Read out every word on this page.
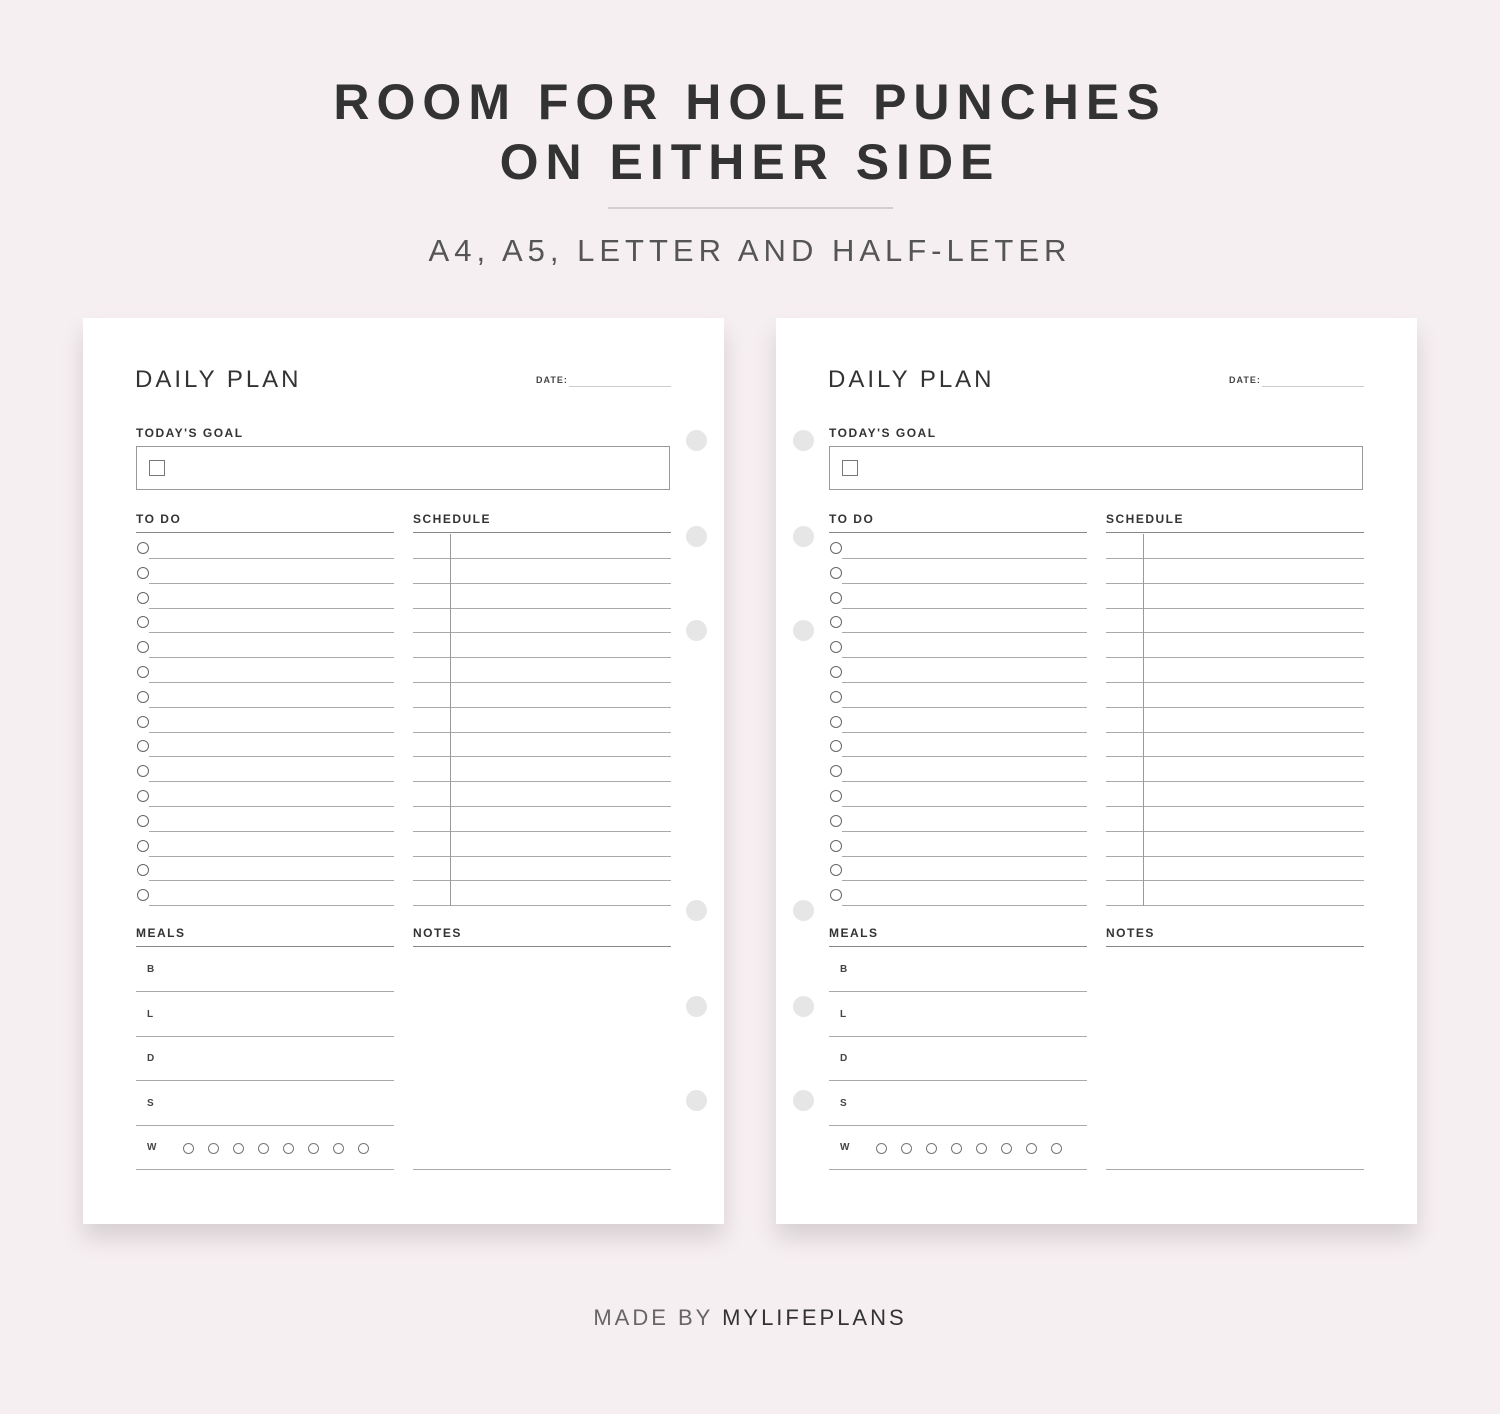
ROOM FOR HOLE PUNCHES
ON EITHER SIDE
A4, A5, LETTER AND HALF-LETER
DAILY PLAN	DATE:
TODAY'S GOAL
TO DO	SCHEDULE
MEALS	NOTES
B
L
D
S
W
DAILY PLAN	DATE:
TODAY'S GOAL
TO DO	SCHEDULE
MEALS	NOTES
B
L
D
S
W
MADE BY MYLIFEPLANS
